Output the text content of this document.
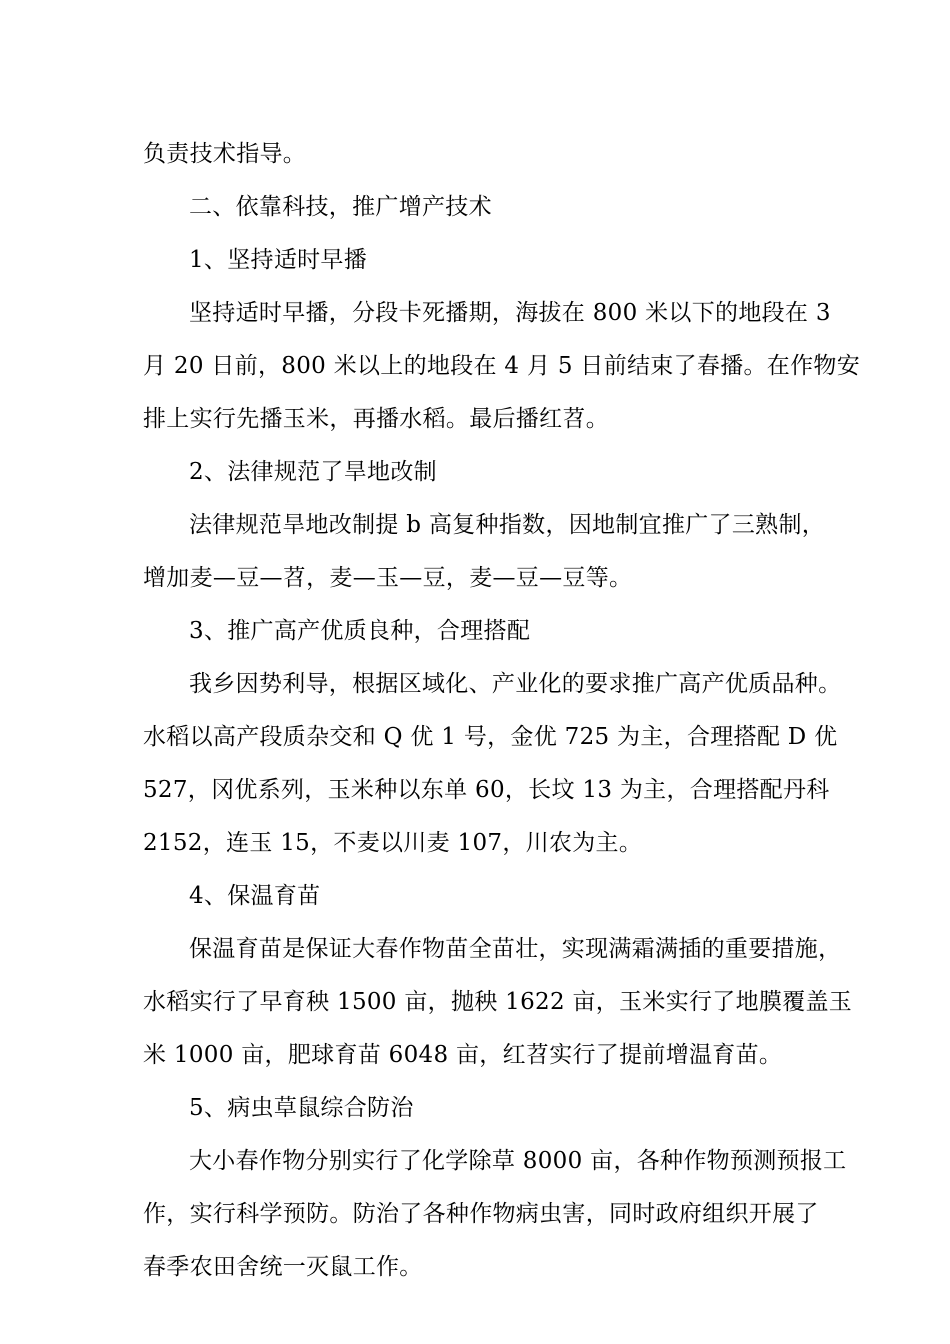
负责技术指导。
二、依靠科技，推广增产技术
1、坚持适时早播
坚持适时早播，分段卡死播期，海拔在 800 米以下的地段在 3
月 20 日前，800 米以上的地段在 4 月 5 日前结束了春播。在作物安
排上实行先播玉米，再播水稻。最后播红苕。
2、法律规范了旱地改制
法律规范旱地改制提 b 高复种指数，因地制宜推广了三熟制，
增加麦—豆—苕，麦—玉—豆，麦—豆—豆等。
3、推广高产优质良种，合理搭配
我乡因势利导，根据区域化、产业化的要求推广高产优质品种。
水稻以高产段质杂交和 Q 优 1 号，金优 725 为主，合理搭配 D 优
527，冈优系列，玉米种以东单 60，长坟 13 为主，合理搭配丹科
2152，连玉 15，不麦以川麦 107，川农为主。
4、保温育苗
保温育苗是保证大春作物苗全苗壮，实现满霜满插的重要措施，
水稻实行了早育秧 1500 亩，抛秧 1622 亩，玉米实行了地膜覆盖玉
米 1000 亩，肥球育苗 6048 亩，红苕实行了提前增温育苗。
5、病虫草鼠综合防治
大小春作物分别实行了化学除草 8000 亩，各种作物预测预报工
作，实行科学预防。防治了各种作物病虫害，同时政府组织开展了
春季农田舍统一灭鼠工作。
